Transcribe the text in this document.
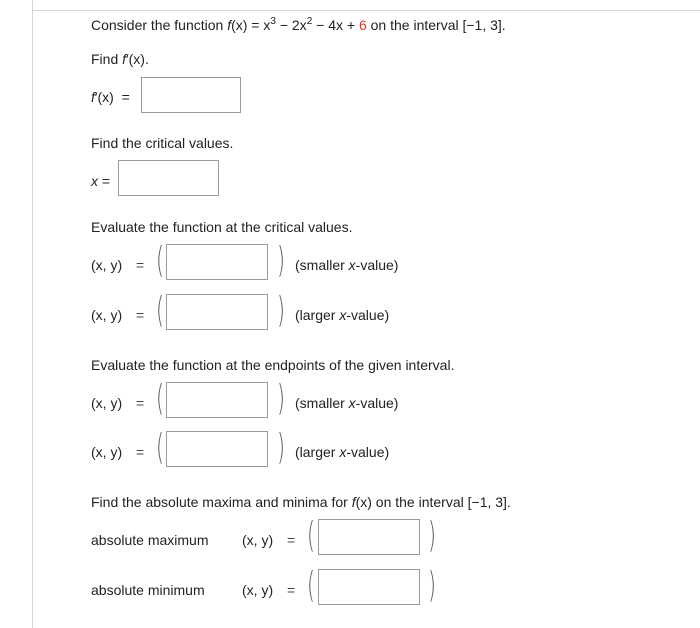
Consider the function $f(x) = x^3 - 2x^2 - 4x + 6$ on the interval [−1, 3].
Find f′(x).
f′(x)  =
Find the critical values.
x =
Evaluate the function at the critical values.
(x, y) = (	) (smaller x-value)
(x, y) = (	) (larger x-value)
Evaluate the function at the endpoints of the given interval.
(x, y) = (	) (smaller x-value)
(x, y) = (	) (larger x-value)
Find the absolute maxima and minima for f(x) on the interval [−1, 3].
absolute maximum (x, y) = (	)
absolute minimum	(x, y) = (	)
